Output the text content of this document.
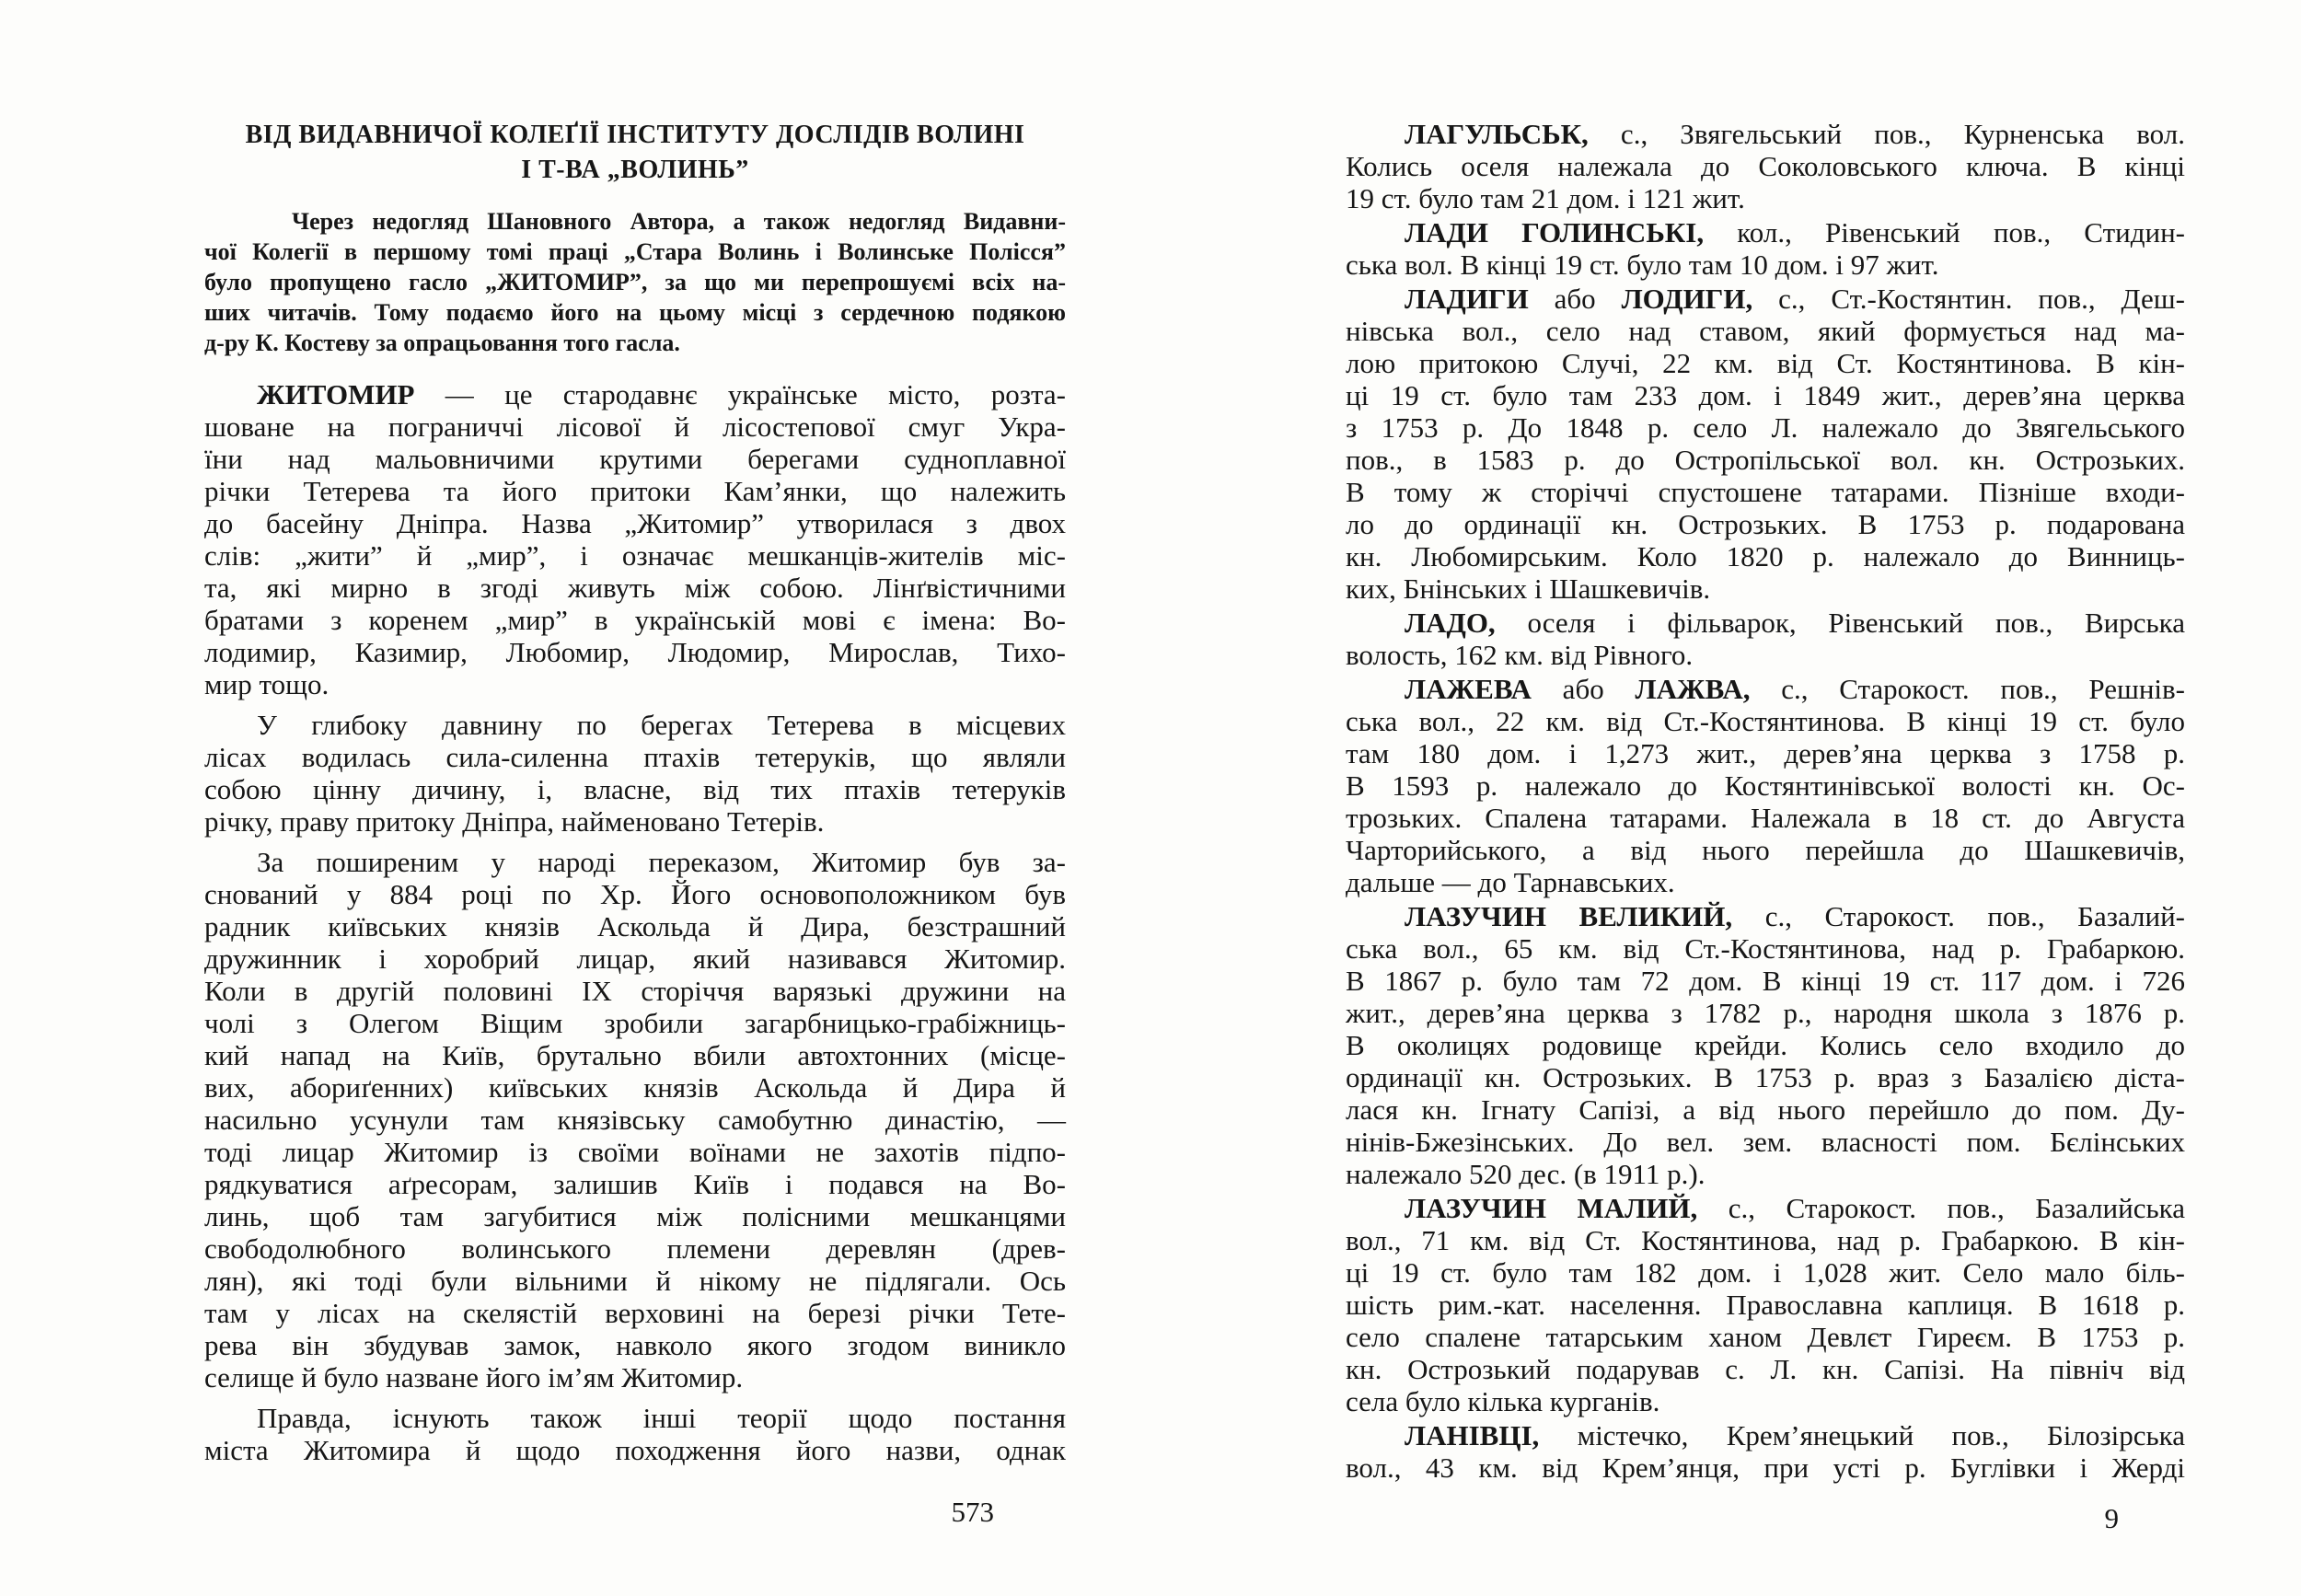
ВІД ВИДАВНИЧОЇ КОЛЕҐІЇ ІНСТИТУТУ ДОСЛІДІВ ВОЛИНІ
І Т-ВА „ВОЛИНЬ”
Через недогляд Шановного Автора, а також недогляд Видавни-
чої Колегії в першому томі праці „Стара Волинь і Волинське Полісся”
було пропущено гасло „ЖИТОМИР”, за що ми перепрошуємі всіх на-
ших читачів. Тому подаємо його на цьому місці з сердечною подякою
д-ру К. Костеву за опрацьовання того гасла.
ЖИТОМИР — це стародавнє українське місто, розта-
шоване на пограниччі лісової й лісостепової смуг Укра-
їни над мальовничими крутими берегами судноплавної
річки Тетерева та його притоки Кам’янки, що належить
до басейну Дніпра. Назва „Житомир” утворилася з двох
слів: „жити” й „мир”, і означає мешканців-жителів міс-
та, які мирно в згоді живуть між собою. Лінґвістичними
братами з коренем „мир” в українській мові є імена: Во-
лодимир, Казимир, Любомир, Людомир, Мирослав, Тихо-
мир тощо.
У глибоку давнину по берегах Тетерева в місцевих
лісах водилась сила-силенна птахів тетеруків, що являли
собою цінну дичину, і, власне, від тих птахів тетеруків
річку, праву притоку Дніпра, найменовано Тетерів.
За поширеним у народі переказом, Житомир був за-
снований у 884 році по Хр. Його основоположником був
радник київських князів Аскольда й Дира, безстрашний
дружинник і хоробрий лицар, який називався Житомир.
Коли в другій половині IX сторіччя варязькі дружини на
чолі з Олегом Віщим зробили загарбницько-грабіжниць-
кий напад на Київ, брутально вбили автохтонних (місце-
вих, абориґенних) київських князів Аскольда й Дира й
насильно усунули там князівську самобутню династію, —
тоді лицар Житомир із своїми воїнами не захотів підпо-
рядкуватися аґресорам, залишив Київ і подався на Во-
линь, щоб там загубитися між полісними мешканцями
свободолюбного волинського племени деревлян (древ-
лян), які тоді були вільними й нікому не підлягали. Ось
там у лісах на скелястій верховині на березі річки Тете-
рева він збудував замок, навколо якого згодом виникло
селище й було назване його ім’ям Житомир.
Правда, існують також інші теорії щодо постання
міста Житомира й щодо походження його назви, однак
573
ЛАГУЛЬСЬК, с., Звягельський пов., Курненська вол.
Колись оселя належала до Соколовського ключа. В кінці
19 ст. було там 21 дом. і 121 жит.
ЛАДИ ГОЛИНСЬКІ, кол., Рівенський пов., Стидин-
ська вол. В кінці 19 ст. було там 10 дом. і 97 жит.
ЛАДИГИ або ЛОДИГИ, с., Ст.-Костянтин. пов., Деш-
нівська вол., село над ставом, який формується над ма-
лою притокою Случі, 22 км. від Ст. Костянтинова. В кін-
ці 19 ст. було там 233 дом. і 1849 жит., дерев’яна церква
з 1753 р. До 1848 р. село Л. належало до Звягельського
пов., в 1583 р. до Остропільської вол. кн. Острозьких.
В тому ж сторіччі спустошене татарами. Пізніше входи-
ло до ординації кн. Острозьких. В 1753 р. подарована
кн. Любомирським. Коло 1820 р. належало до Винниць-
ких, Бнінських і Шашкевичів.
ЛАДО, оселя і фільварок, Рівенський пов., Вирська
волость, 162 км. від Рівного.
ЛАЖЕВА або ЛАЖВА, с., Старокост. пов., Решнів-
ська вол., 22 км. від Ст.-Костянтинова. В кінці 19 ст. було
там 180 дом. і 1,273 жит., дерев’яна церква з 1758 р.
В 1593 р. належало до Костянтинівської волості кн. Ос-
трозьких. Спалена татарами. Належала в 18 ст. до Августа
Чарторийського, а від нього перейшла до Шашкевичів,
дальше — до Тарнавських.
ЛАЗУЧИН ВЕЛИКИЙ, с., Старокост. пов., Базалий-
ська вол., 65 км. від Ст.-Костянтинова, над р. Грабаркою.
В 1867 р. було там 72 дом. В кінці 19 ст. 117 дом. і 726
жит., дерев’яна церква з 1782 р., народня школа з 1876 р.
В околицях родовище крейди. Колись село входило до
ординації кн. Острозьких. В 1753 р. враз з Базалією діста-
лася кн. Ігнату Сапізі, а від нього перейшло до пом. Ду-
нінів-Бжезінських. До вел. зем. власності пом. Бєлінських
належало 520 дес. (в 1911 р.).
ЛАЗУЧИН МАЛИЙ, с., Старокост. пов., Базалийська
вол., 71 км. від Ст. Костянтинова, над р. Грабаркою. В кін-
ці 19 ст. було там 182 дом. і 1,028 жит. Село мало біль-
шість рим.-кат. населення. Православна каплиця. В 1618 р.
село спалене татарським ханом Девлєт Гиреєм. В 1753 р.
кн. Острозький подарував с. Л. кн. Сапізі. На північ від
села було кілька курганів.
ЛАНІВЦІ, містечко, Крем’янецький пов., Білозірська
вол., 43 км. від Крем’янця, при усті р. Буглівки і Жерді
9
